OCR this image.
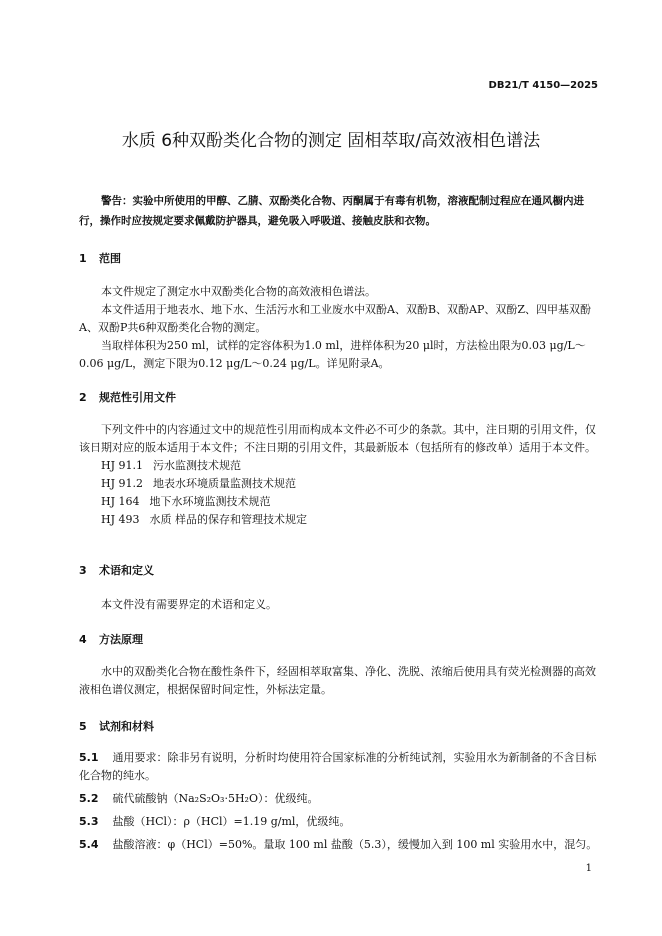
DB21/T 4150—2025
水质 6种双酚类化合物的测定 固相萃取/高效液相色谱法
警告：实验中所使用的甲醇、乙腈、双酚类化合物、丙酮属于有毒有机物，溶液配制过程应在通风橱内进行，操作时应按规定要求佩戴防护器具，避免吸入呼吸道、接触皮肤和衣物。
1 范围
本文件规定了测定水中双酚类化合物的高效液相色谱法。
本文件适用于地表水、地下水、生活污水和工业废水中双酚A、双酚B、双酚AP、双酚Z、四甲基双酚A、双酚P共6种双酚类化合物的测定。
当取样体积为250 ml，试样的定容体积为1.0 ml，进样体积为20 μl时，方法检出限为0.03 μg/L～0.06 μg/L，测定下限为0.12 μg/L～0.24 μg/L。详见附录A。
2 规范性引用文件
下列文件中的内容通过文中的规范性引用而构成本文件必不可少的条款。其中，注日期的引用文件，仅该日期对应的版本适用于本文件；不注日期的引用文件，其最新版本（包括所有的修改单）适用于本文件。
HJ 91.1 污水监测技术规范
HJ 91.2 地表水环境质量监测技术规范
HJ 164 地下水环境监测技术规范
HJ 493 水质 样品的保存和管理技术规定
3 术语和定义
本文件没有需要界定的术语和定义。
4 方法原理
水中的双酚类化合物在酸性条件下，经固相萃取富集、净化、洗脱、浓缩后使用具有荧光检测器的高效液相色谱仪测定，根据保留时间定性，外标法定量。
5 试剂和材料
5.1 通用要求：除非另有说明，分析时均使用符合国家标准的分析纯试剂，实验用水为新制备的不含目标化合物的纯水。
5.2 硫代硫酸钠（Na₂S₂O₃·5H₂O）：优级纯。
5.3 盐酸（HCl）：ρ（HCl）=1.19 g/ml，优级纯。
5.4 盐酸溶液：φ（HCl）=50%。量取 100 ml 盐酸（5.3），缓慢加入到 100 ml 实验用水中，混匀。
1
